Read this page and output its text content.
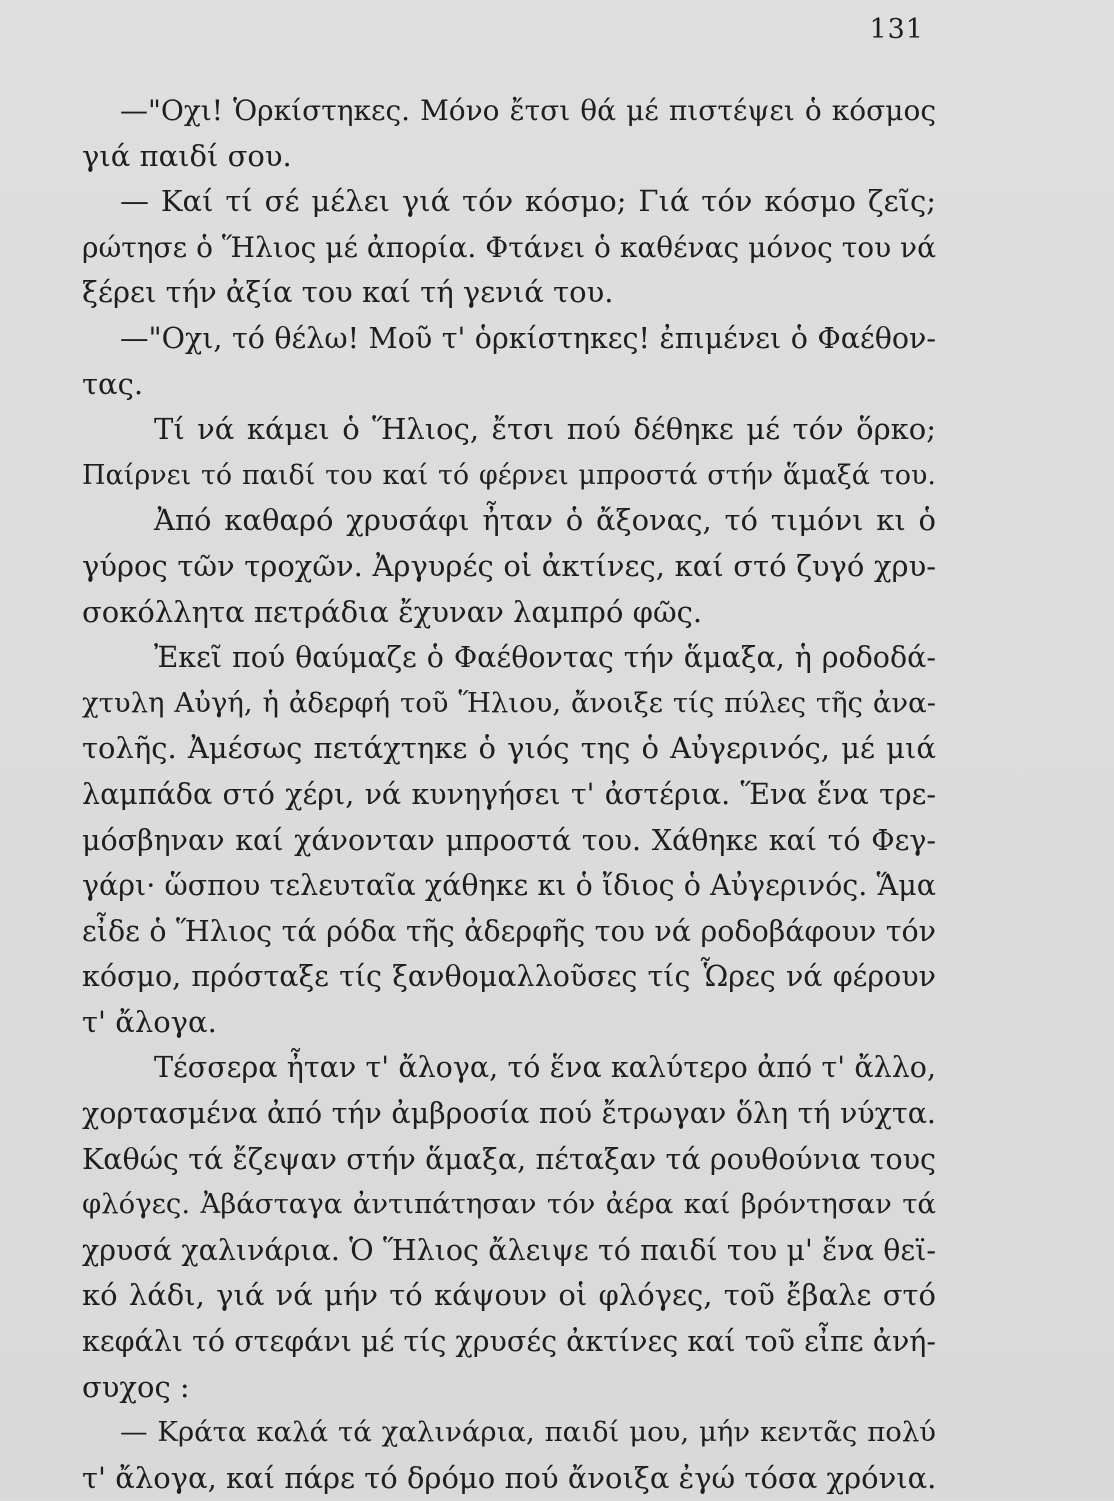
131
—"Οχι! Ὁρκίστηκες. Μόνο ἔτσι θά μέ πιστέψει ὁ κόσμος
γιά παιδί σου.
— Καί τί σέ μέλει γιά τόν κόσμο; Γιά τόν κόσμο ζεῖς;
ρώτησε ὁ Ἥλιος μέ ἀπορία. Φτάνει ὁ καθένας μόνος του νά
ξέρει τήν ἀξία του καί τή γενιά του.
—"Οχι, τό θέλω! Μοῦ τ' ὁρκίστηκες! ἐπιμένει ὁ Φαέθον-
τας.
Τί νά κάμει ὁ Ἥλιος, ἔτσι πού δέθηκε μέ τόν ὅρκο;
Παίρνει τό παιδί του καί τό φέρνει μπροστά στήν ἅμαξά του.
Ἀπό καθαρό χρυσάφι ἦταν ὁ ἄξονας, τό τιμόνι κι ὁ
γύρος τῶν τροχῶν. Ἀργυρές οἱ ἀκτίνες, καί στό ζυγό χρυ-
σοκόλλητα πετράδια ἔχυναν λαμπρό φῶς.
Ἐκεῖ πού θαύμαζε ὁ Φαέθοντας τήν ἅμαξα, ἡ ροδοδά-
χτυλη Αὐγή, ἡ ἀδερφή τοῦ Ἥλιου, ἄνοιξε τίς πύλες τῆς ἀνα-
τολῆς. Ἀμέσως πετάχτηκε ὁ γιός της ὁ Αὐγερινός, μέ μιά
λαμπάδα στό χέρι, νά κυνηγήσει τ' ἀστέρια. Ἕνα ἕνα τρε-
μόσβηναν καί χάνονταν μπροστά του. Χάθηκε καί τό Φεγ-
γάρι· ὥσπου τελευταῖα χάθηκε κι ὁ ἴδιος ὁ Αὐγερινός. Ἅμα
εἶδε ὁ Ἥλιος τά ρόδα τῆς ἀδερφῆς του νά ροδοβάφουν τόν
κόσμο, πρόσταξε τίς ξανθομαλλοῦσες τίς Ὧρες νά φέρουν
τ' ἄλογα.
Τέσσερα ἦταν τ' ἄλογα, τό ἕνα καλύτερο ἀπό τ' ἄλλο,
χορτασμένα ἀπό τήν ἀμβροσία πού ἔτρωγαν ὅλη τή νύχτα.
Καθώς τά ἔζεψαν στήν ἅμαξα, πέταξαν τά ρουθούνια τους
φλόγες. Ἀβάσταγα ἀντιπάτησαν τόν ἀέρα καί βρόντησαν τά
χρυσά χαλινάρια. Ὁ Ἥλιος ἄλειψε τό παιδί του μ' ἕνα θεϊ-
κό λάδι, γιά νά μήν τό κάψουν οἱ φλόγες, τοῦ ἔβαλε στό
κεφάλι τό στεφάνι μέ τίς χρυσές ἀκτίνες καί τοῦ εἶπε ἀνή-
συχος :
— Κράτα καλά τά χαλινάρια, παιδί μου, μήν κεντᾶς πολύ
τ' ἄλογα, καί πάρε τό δρόμο πού ἄνοιξα ἐγώ τόσα χρόνια.
